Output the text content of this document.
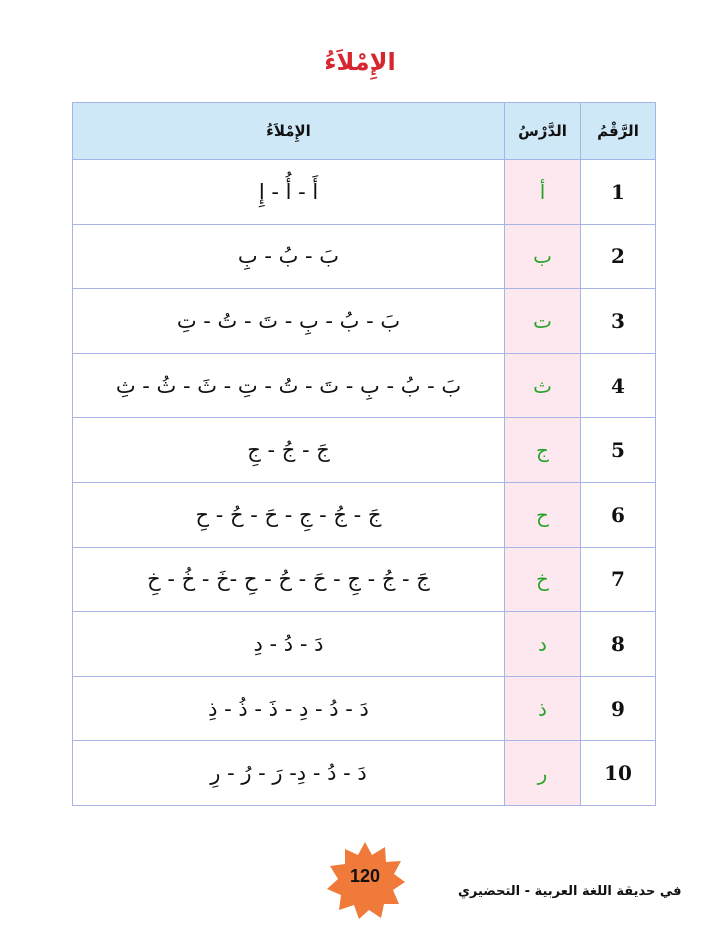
الإِمْلاَءُ
الرَّقْمُ	الدَّرْسُ	الإِمْلاَءُ
1	أ	أَ - أُ - إِ
2	ب	بَ - بُ - بِ
3	ت	بَ - بُ - بِ - تَ - تُ - تِ
4	ث	بَ - بُ - بِ - تَ - تُ - تِ - ثَ - ثُ - ثِ
5	ج	جَ - جُ - جِ
6	ح	جَ - جُ - جِ - حَ - حُ - حِ
7	خ	جَ - جُ - جِ - حَ - حُ - حِ -خَ - خُ - خِ
8	د	دَ - دُ - دِ
9	ذ	دَ - دُ - دِ - ذَ - ذُ - ذِ
10	ر	دَ - دُ - دِ- رَ - رُ - رِ
120
في حديقة اللغة العربية - التحضيري
